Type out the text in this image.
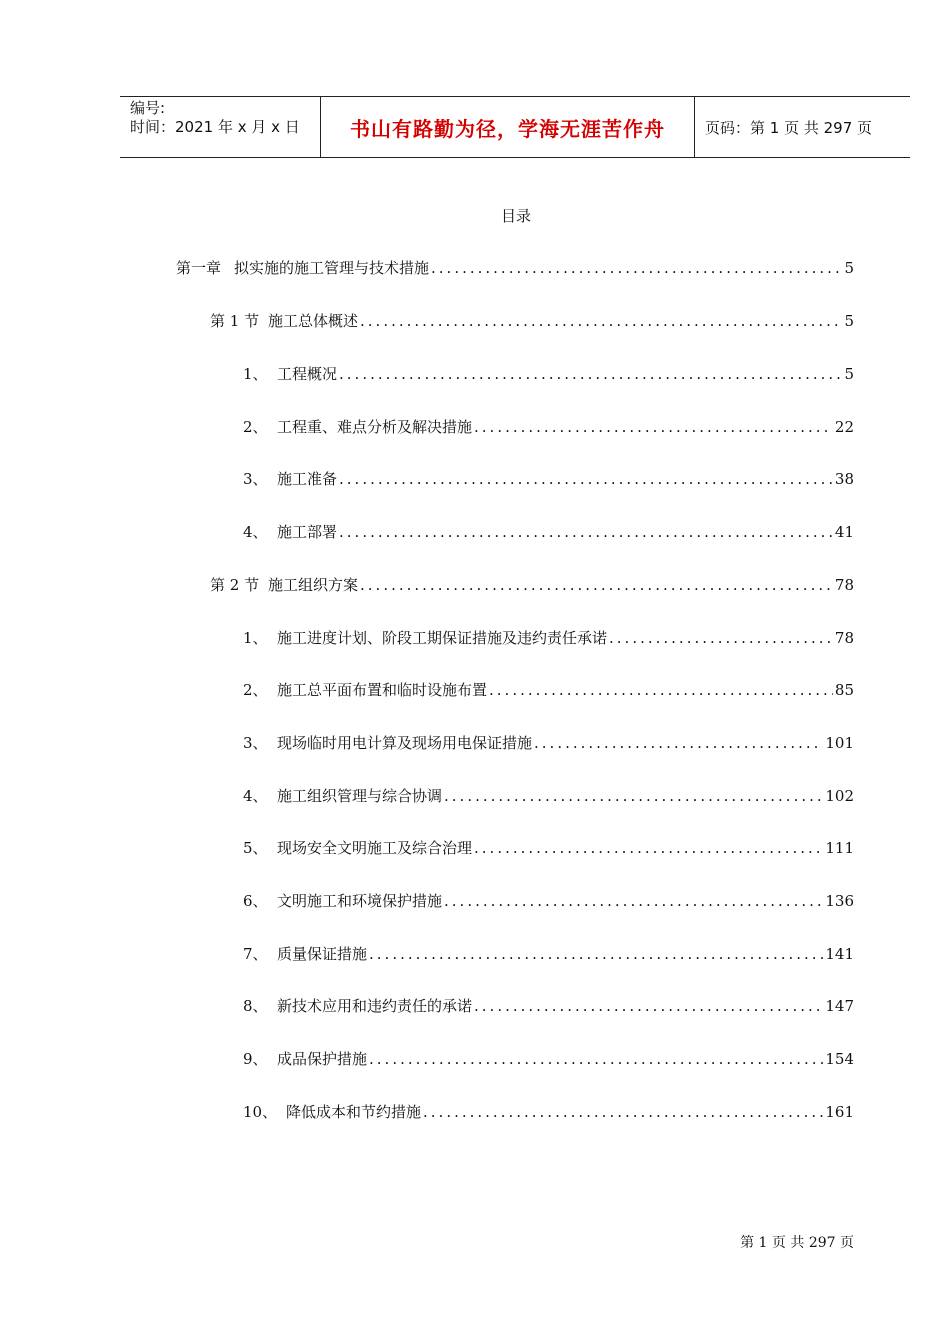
编号:
时间：2021 年 x 月 x 日	书山有路勤为径，学海无涯苦作舟	页码：第 1 页 共 297 页
目录
第一章 拟实施的施工管理与技术措施 .....	5
第 1 节 施工总体概述 .....	5
1、 工程概况 .....	5
2、 工程重、难点分析及解决措施 .....	22
3、 施工准备 .....	38
4、 施工部署 .....	41
第 2 节 施工组织方案 .....	78
1、 施工进度计划、阶段工期保证措施及违约责任承诺 .....	78
2、 施工总平面布置和临时设施布置 .....	85
3、 现场临时用电计算及现场用电保证措施 .....	101
4、 施工组织管理与综合协调 .....	102
5、 现场安全文明施工及综合治理 .....	111
6、 文明施工和环境保护措施 .....	136
7、 质量保证措施 .....	141
8、 新技术应用和违约责任的承诺 .....	147
9、 成品保护措施 .....	154
10、 降低成本和节约措施 .....	161
第 1 页 共 297 页
